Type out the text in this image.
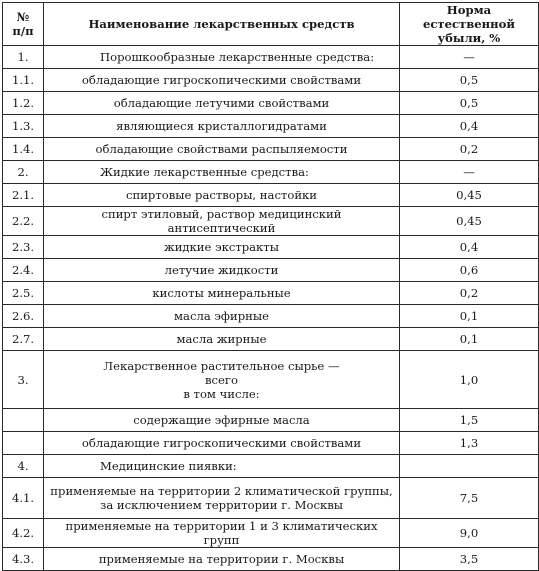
№
п/п	Наименование лекарственных средств	Норма естественной
убыли, %
1.	Порошкообразные лекарственные средства:	—
1.1.	обладающие гигроскопическими свойствами	0,5
1.2.	обладающие летучими свойствами	0,5
1.3.	являющиеся кристаллогидратами	0,4
1.4.	обладающие свойствами распыляемости	0,2
2.	Жидкие лекарственные средства:	—
2.1.	спиртовые растворы, настойки	0,45
2.2.	спирт этиловый, раствор медицинский антисептический	0,45
2.3.	жидкие экстракты	0,4
2.4.	летучие жидкости	0,6
2.5.	кислоты минеральные	0,2
2.6.	масла эфирные	0,1
2.7.	масла жирные	0,1
3.	Лекарственное растительное сырье —
всего
в том числе:	1,0
	содержащие эфирные масла	1,5
	обладающие гигроскопическими свойствами	1,3
4.	Медицинские пиявки:	
4.1.	применяемые на территории 2 климатической группы,
за исключением территории г. Москвы	7,5
4.2.	применяемые на территории 1 и 3 климатических групп	9,0
4.3.	применяемые на территории г. Москвы	3,5
